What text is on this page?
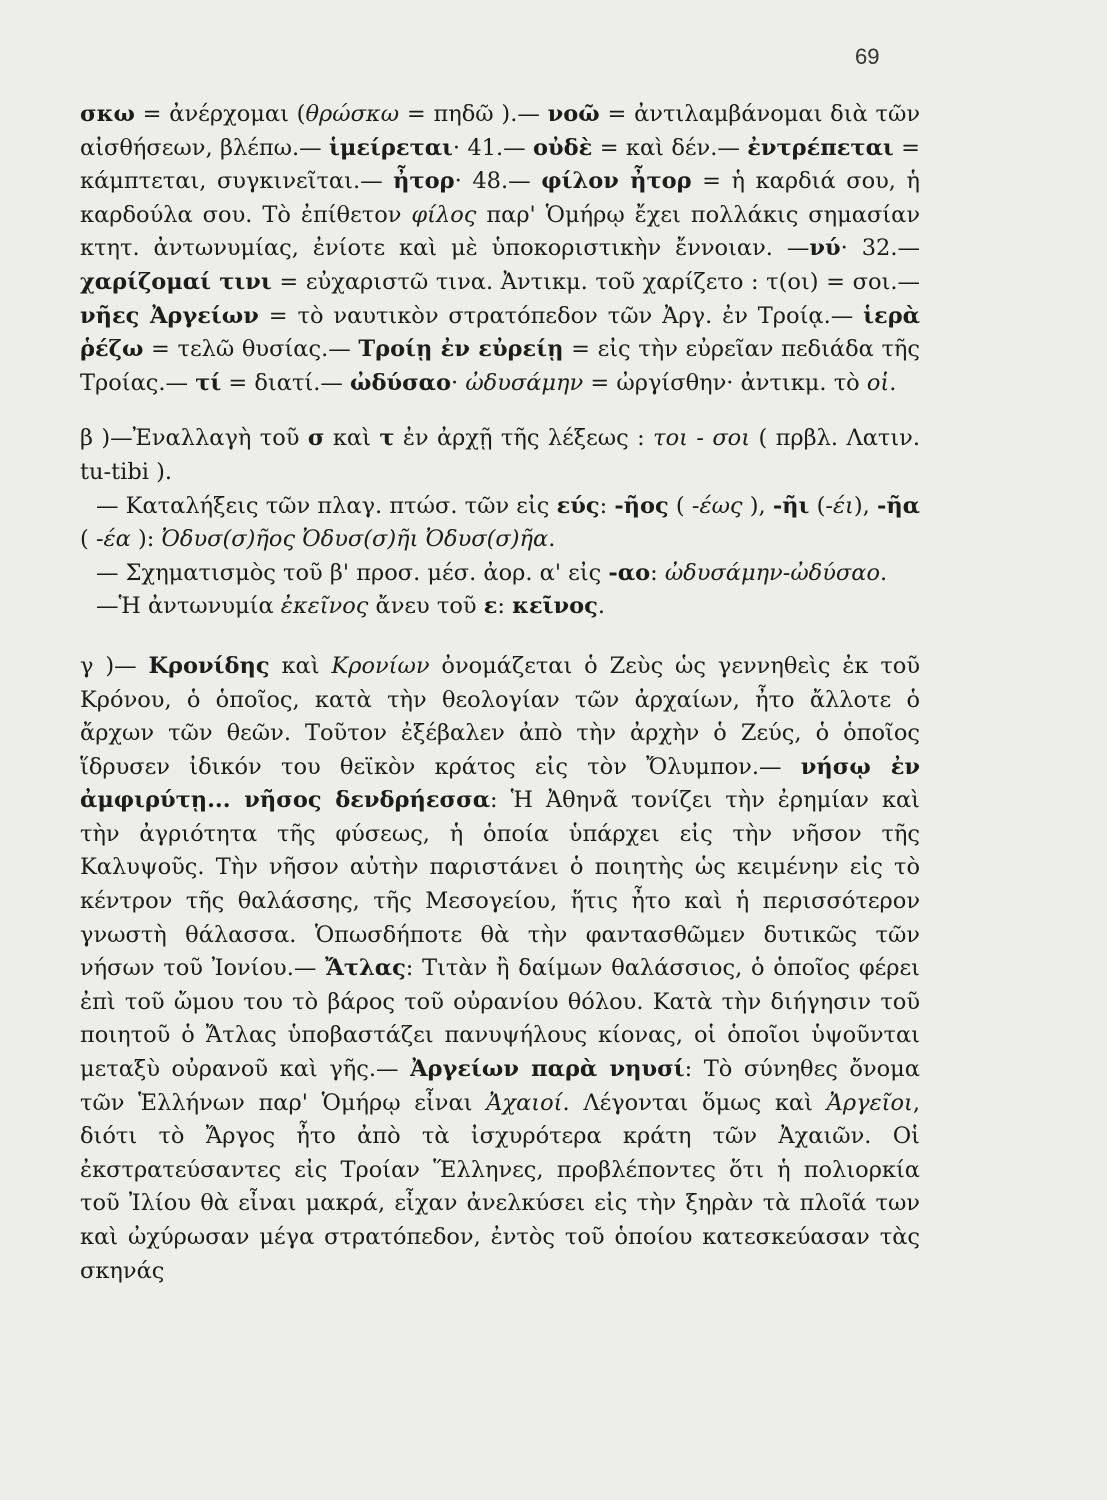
69

σκω = ἀνέρχομαι (θρώσκω = πηδῶ ).— νοῶ = ἀντιλαμβάνομαι διὰ τῶν αἰσθήσεων, βλέπω.— ἱμείρεται· 41.— οὐδὲ = καὶ δέν.— ἐντρέπεται = κάμπτεται, συγκινεῖται.— ἦτορ· 48.— φίλον ἦτορ = ἡ καρδιά σου, ἡ καρδούλα σου. Τὸ ἐπίθετον φίλος παρ' Ὁμήρῳ ἔχει πολλάκις σημασίαν κτητ. ἀντωνυμίας, ἐνίοτε καὶ μὲ ὑποκοριστικὴν ἔννοιαν. —νύ· 32.— χαρίζομαί τινι = εὐχαριστῶ τινα. Ἀντικμ. τοῦ χαρίζετο : τ(οι) = σοι.— νῆες Ἀργείων = τὸ ναυτικὸν στρατόπεδον τῶν Ἀργ. ἐν Τροίᾳ.— ἱερὰ ῥέζω = τελῶ θυσίας.— Τροίῃ ἐν εὐρείῃ = εἰς τὴν εὐρεῖαν πεδιάδα τῆς Τροίας.— τί = διατί.— ὠδύσαο· ὠδυσάμην = ὠργίσθην· ἀντικμ. τὸ οἱ.

β )—Ἐναλλαγὴ τοῦ σ καὶ τ ἐν ἀρχῇ τῆς λέξεως : τοι - σοι ( πρβλ. Λατιν. tu-tibi ).

— Καταλήξεις τῶν πλαγ. πτώσ. τῶν εἰς εύς: -ῆος ( -έως ), -ῆι (-έι), -ῆα ( -έα ): Ὀδυσ(σ)ῆος Ὀδυσ(σ)ῆι Ὀδυσ(σ)ῆα.

— Σχηματισμὸς τοῦ β' προσ. μέσ. ἀορ. α' εἰς -αο: ὠδυσάμην-ὠδύσαο.

—Ἡ ἀντωνυμία ἐκεῖνος ἄνευ τοῦ ε: κεῖνος.

γ )— Κρονίδης καὶ Κρονίων ὀνομάζεται ὁ Ζεὺς ὡς γεννηθεὶς ἐκ τοῦ Κρόνου, ὁ ὁποῖος, κατὰ τὴν θεολογίαν τῶν ἀρχαίων, ἦτο ἄλλοτε ὁ ἄρχων τῶν θεῶν. Τοῦτον ἐξέβαλεν ἀπὸ τὴν ἀρχὴν ὁ Ζεύς, ὁ ὁποῖος ἵδρυσεν ἰδικόν του θεϊκὸν κράτος εἰς τὸν Ὄλυμπον.— νήσῳ ἐν ἀμφιρύτῃ... νῆσος δενδρήεσσα: Ἡ Ἀθηνᾶ τονίζει τὴν ἐρημίαν καὶ τὴν ἀγριότητα τῆς φύσεως, ἡ ὁποία ὑπάρχει εἰς τὴν νῆσον τῆς Καλυψοῦς. Τὴν νῆσον αὐτὴν παριστάνει ὁ ποιητὴς ὡς κειμένην εἰς τὸ κέντρον τῆς θαλάσσης, τῆς Μεσογείου, ἥτις ἦτο καὶ ἡ περισσότερον γνωστὴ θάλασσα. Ὁπωσδήποτε θὰ τὴν φαντασθῶμεν δυτικῶς τῶν νήσων τοῦ Ἰονίου.— Ἄτλας: Τιτὰν ἢ δαίμων θαλάσσιος, ὁ ὁποῖος φέρει ἐπὶ τοῦ ὤμου του τὸ βάρος τοῦ οὐρανίου θόλου. Κατὰ τὴν διήγησιν τοῦ ποιητοῦ ὁ Ἄτλας ὑποβαστάζει πανυψήλους κίονας, οἱ ὁποῖοι ὑψοῦνται μεταξὺ οὐρανοῦ καὶ γῆς.— Ἀργείων παρὰ νηυσί: Τὸ σύνηθες ὄνομα τῶν Ἑλλήνων παρ' Ὁμήρῳ εἶναι Ἀχαιοί. Λέγονται ὅμως καὶ Ἀργεῖοι, διότι τὸ Ἄργος ἦτο ἀπὸ τὰ ἰσχυρότερα κράτη τῶν Ἀχαιῶν. Οἱ ἐκστρατεύσαντες εἰς Τροίαν Ἕλληνες, προβλέποντες ὅτι ἡ πολιορκία τοῦ Ἰλίου θὰ εἶναι μακρά, εἶχαν ἀνελκύσει εἰς τὴν ξηρὰν τὰ πλοῖά των καὶ ὠχύρωσαν μέγα στρατόπεδον, ἐντὸς τοῦ ὁποίου κατεσκεύασαν τὰς σκηνάς
